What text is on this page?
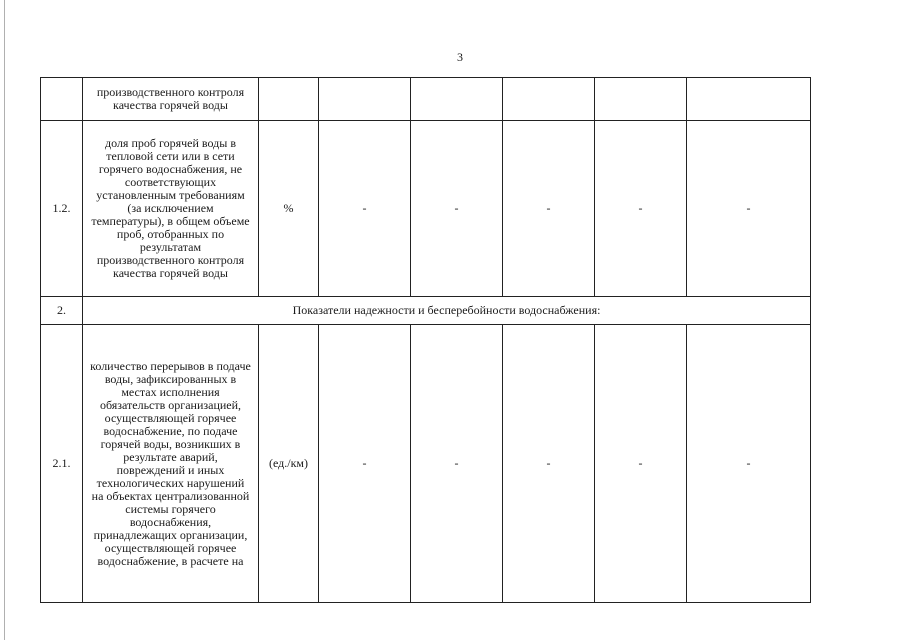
3

	производственного контроля качества горячей воды						

1.2.	доля проб горячей воды в тепловой сети или в сети горячего водоснабжения, не соответствующих установленным требованиям (за исключением температуры), в общем объеме проб, отобранных по результатам производственного контроля качества горячей воды	%	-	-	-	-	-
2.	Показатели надежности и бесперебойности водоснабжения:						
2.1.	количество перерывов в подаче воды, зафиксированных в местах исполнения обязательств организацией, осуществляющей горячее водоснабжение, по подаче горячей воды, возникших в результате аварий, повреждений и иных технологических нарушений на объектах централизованной системы горячего водоснабжения, принадлежащих организации, осуществляющей горячее водоснабжение, в расчете на	(ед./км)	-	-	-	-	-
